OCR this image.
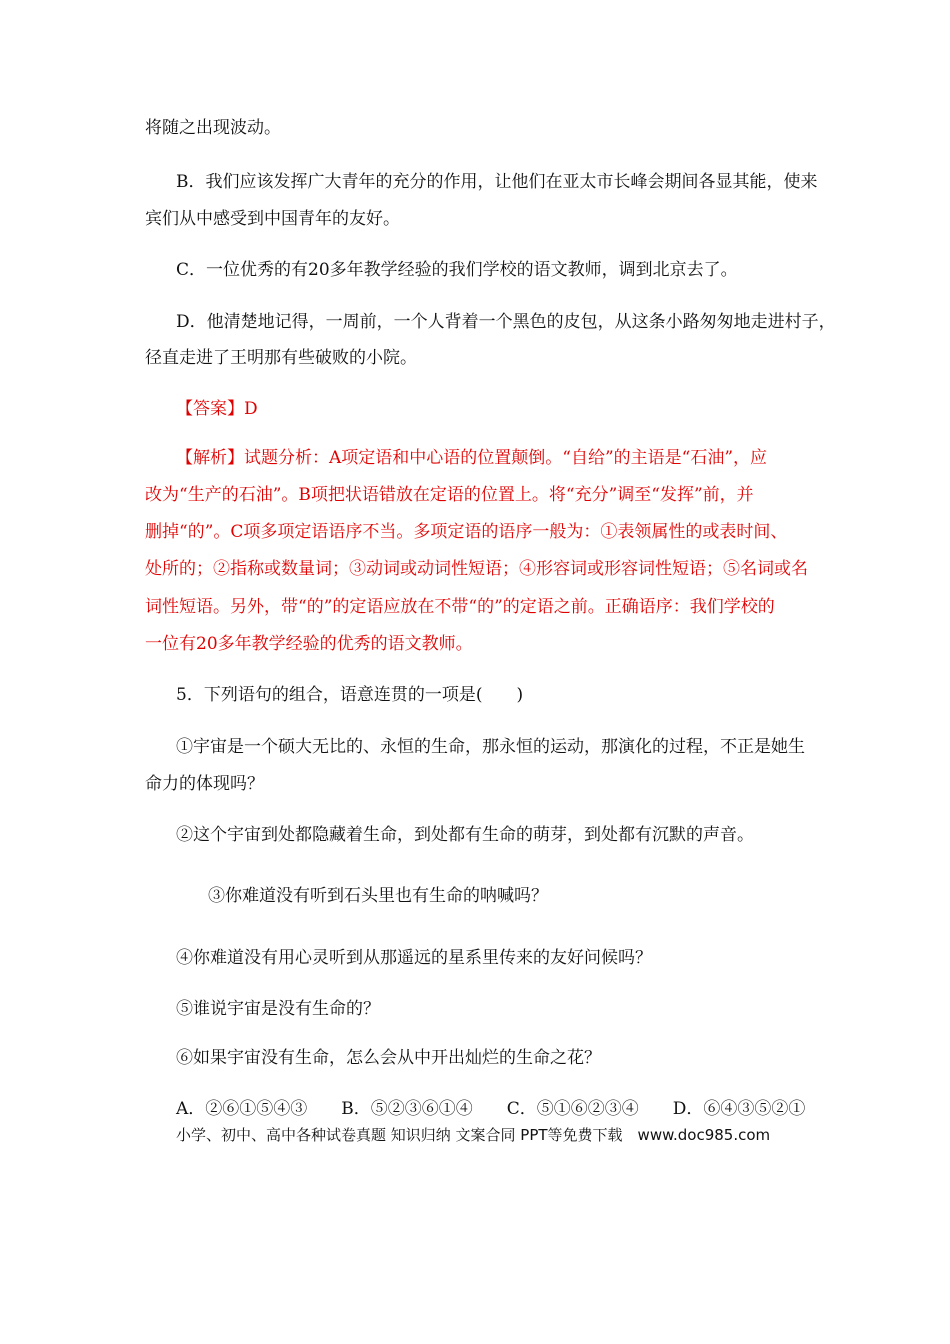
将随之出现波动。
B．我们应该发挥广大青年的充分的作用，让他们在亚太市长峰会期间各显其能，使来
宾们从中感受到中国青年的友好。
C．一位优秀的有20多年教学经验的我们学校的语文教师，调到北京去了。
D．他清楚地记得，一周前，一个人背着一个黑色的皮包，从这条小路匆匆地走进村子，
径直走进了王明那有些破败的小院。
【答案】D
【解析】试题分析：A项定语和中心语的位置颠倒。“自给”的主语是“石油”，应
改为“生产的石油”。B项把状语错放在定语的位置上。将“充分”调至“发挥”前，并
删掉“的”。C项多项定语语序不当。多项定语的语序一般为：①表领属性的或表时间、
处所的；②指称或数量词；③动词或动词性短语；④形容词或形容词性短语；⑤名词或名
词性短语。另外，带“的”的定语应放在不带“的”的定语之前。正确语序：我们学校的
一位有20多年教学经验的优秀的语文教师。
5．下列语句的组合，语意连贯的一项是(　　)
①宇宙是一个硕大无比的、永恒的生命，那永恒的运动，那演化的过程，不正是她生
命力的体现吗？
②这个宇宙到处都隐藏着生命，到处都有生命的萌芽，到处都有沉默的声音。
③你难道没有听到石头里也有生命的呐喊吗？
④你难道没有用心灵听到从那遥远的星系里传来的友好问候吗？
⑤谁说宇宙是没有生命的？
⑥如果宇宙没有生命，怎么会从中开出灿烂的生命之花？
A．②⑥①⑤④③　　B．⑤②③⑥①④　　C．⑤①⑥②③④　　D．⑥④③⑤②①
小学、初中、高中各种试卷真题 知识归纳 文案合同 PPT等免费下载　www.doc985.com
